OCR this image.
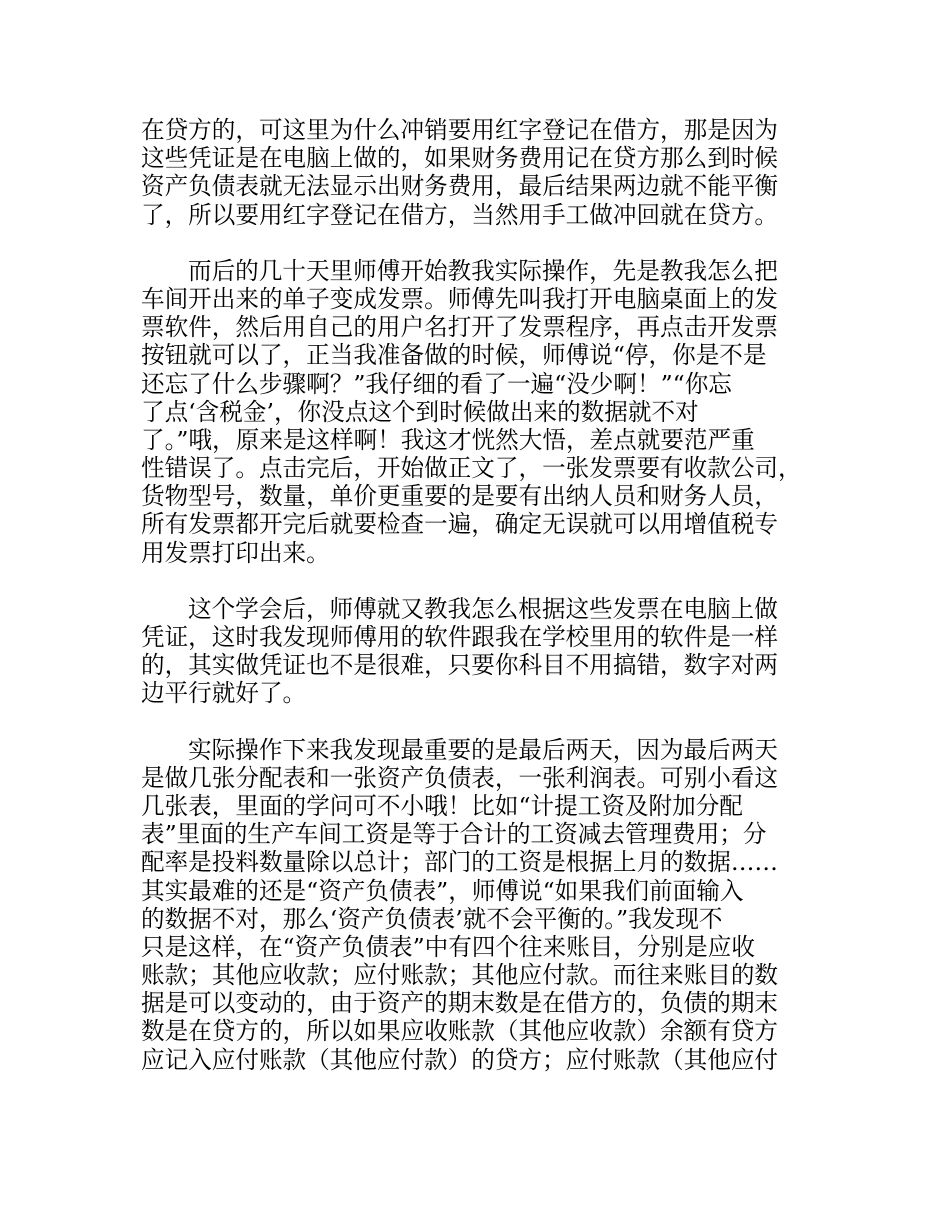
在贷方的，可这里为什么冲销要用红字登记在借方，那是因为
这些凭证是在电脑上做的，如果财务费用记在贷方那么到时候
资产负债表就无法显示出财务费用，最后结果两边就不能平衡
了，所以要用红字登记在借方，当然用手工做冲回就在贷方。
而后的几十天里师傅开始教我实际操作，先是教我怎么把
车间开出来的单子变成发票。师傅先叫我打开电脑桌面上的发
票软件，然后用自己的用户名打开了发票程序，再点击开发票
按钮就可以了，正当我准备做的时候，师傅说“停，你是不是
还忘了什么步骤啊？”我仔细的看了一遍“没少啊！”“你忘
了点‘含税金’，你没点这个到时候做出来的数据就不对
了。”哦，原来是这样啊！我这才恍然大悟，差点就要范严重
性错误了。点击完后，开始做正文了，一张发票要有收款公司，
货物型号，数量，单价更重要的是要有出纳人员和财务人员，
所有发票都开完后就要检查一遍，确定无误就可以用增值税专
用发票打印出来。
这个学会后，师傅就又教我怎么根据这些发票在电脑上做
凭证，这时我发现师傅用的软件跟我在学校里用的软件是一样
的，其实做凭证也不是很难，只要你科目不用搞错，数字对两
边平行就好了。
实际操作下来我发现最重要的是最后两天，因为最后两天
是做几张分配表和一张资产负债表，一张利润表。可别小看这
几张表，里面的学问可不小哦！比如“计提工资及附加分配
表”里面的生产车间工资是等于合计的工资减去管理费用；分
配率是投料数量除以总计；部门的工资是根据上月的数据……
其实最难的还是“资产负债表”，师傅说“如果我们前面输入
的数据不对，那么‘资产负债表’就不会平衡的。”我发现不
只是这样，在“资产负债表”中有四个往来账目，分别是应收
账款；其他应收款；应付账款；其他应付款。而往来账目的数
据是可以变动的，由于资产的期末数是在借方的，负债的期末
数是在贷方的，所以如果应收账款（其他应收款）余额有贷方
应记入应付账款（其他应付款）的贷方；应付账款（其他应付
